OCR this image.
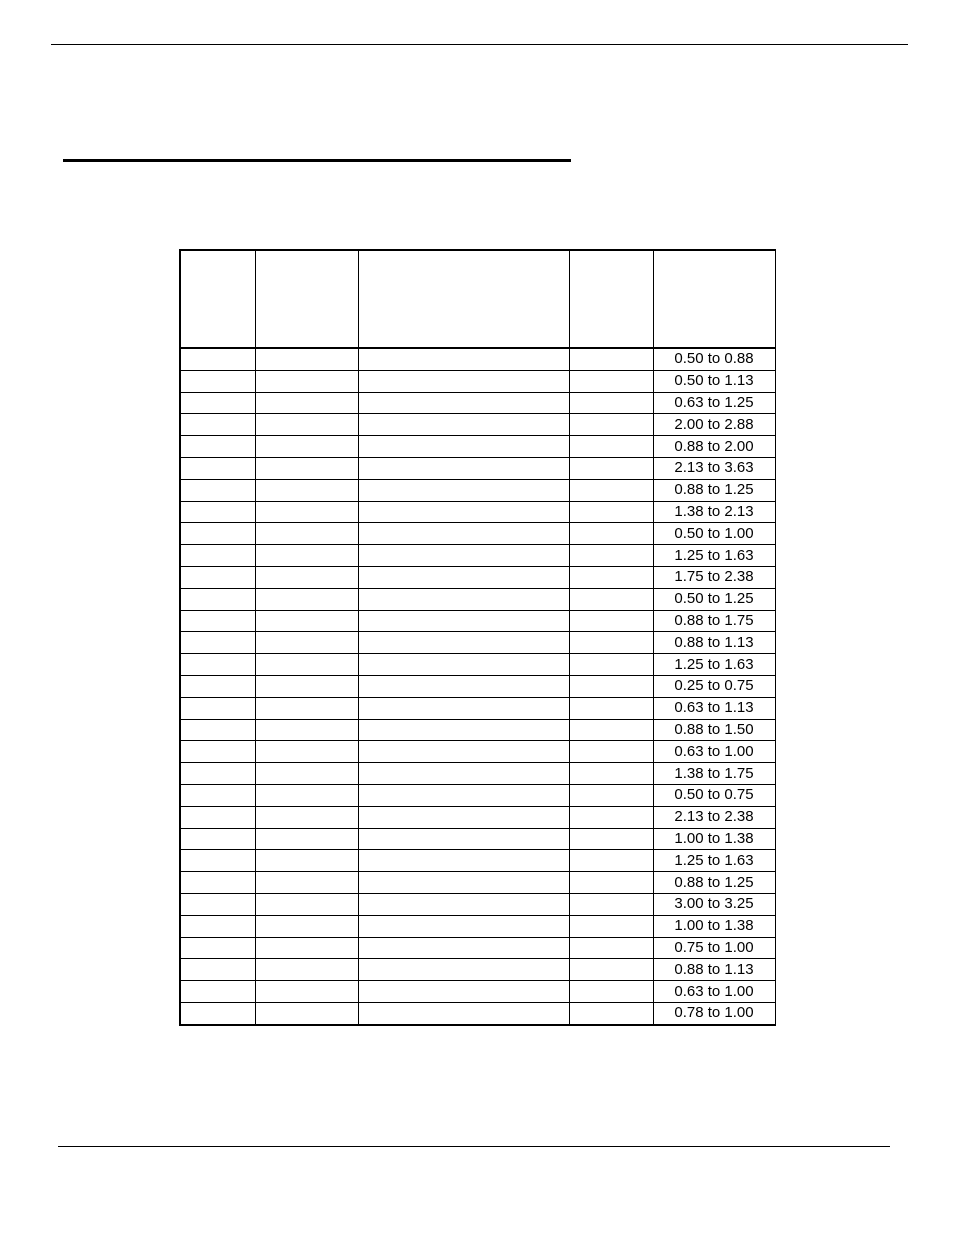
				0.50 to 0.88
				0.50 to 1.13
				0.63 to 1.25
				2.00 to 2.88
				0.88 to 2.00
				2.13 to 3.63
				0.88 to 1.25
				1.38 to 2.13
				0.50 to 1.00
				1.25 to 1.63
				1.75 to 2.38
				0.50 to 1.25
				0.88 to 1.75
				0.88 to 1.13
				1.25 to 1.63
				0.25 to 0.75
				0.63 to 1.13
				0.88 to 1.50
				0.63 to 1.00
				1.38 to 1.75
				0.50 to 0.75
				2.13 to 2.38
				1.00 to 1.38
				1.25 to 1.63
				0.88 to 1.25
				3.00 to 3.25
				1.00 to 1.38
				0.75 to 1.00
				0.88 to 1.13
				0.63 to 1.00
				0.78 to 1.00
